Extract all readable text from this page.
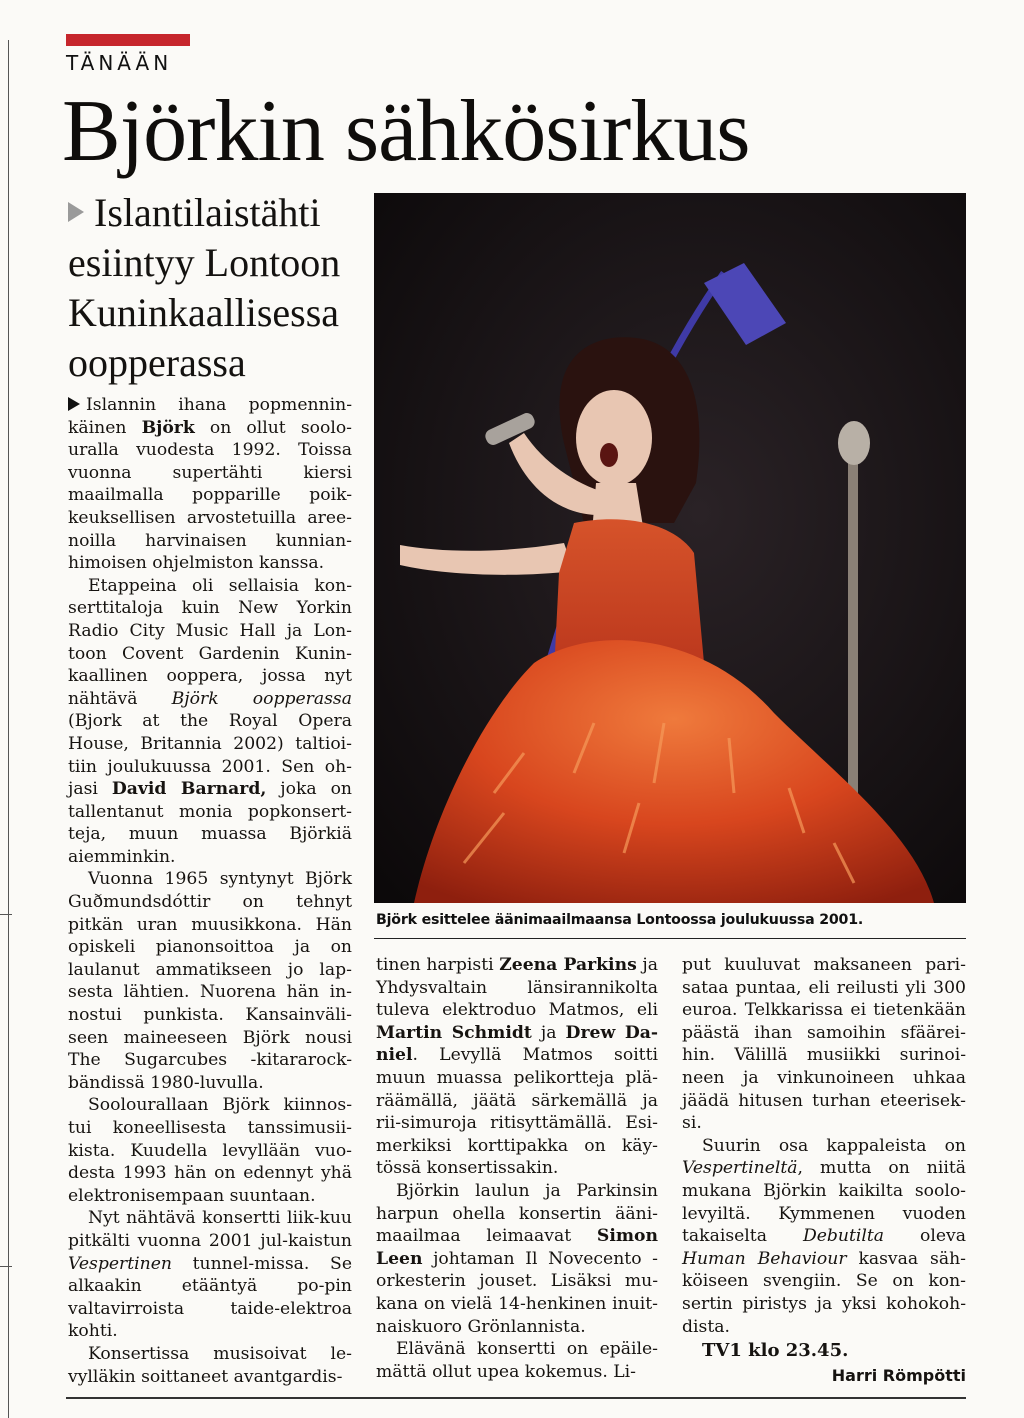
TÄNÄÄN
Björkin sähkösirkus
Islantilaistähti esiintyy Lontoon Kuninkaallisessa oopperassa

Islannin ihana popmennin-käinen Björk on ollut soolo-uralla vuodesta 1992. Toissa vuonna supertähti kiersi maailmalla popparille poik-keuksellisen arvostetuilla aree-noilla harvinaisen kunnian-himoisen ohjelmiston kanssa.

Etappeina oli sellaisia kon-serttitaloja kuin New Yorkin Radio City Music Hall ja Lon-toon Covent Gardenin Kunin-kaallinen ooppera, jossa nyt nähtävä Björk oopperassa (Bjork at the Royal Opera House, Britannia 2002) taltioi-tiin joulukuussa 2001. Sen oh-jasi David Barnard, joka on tallentanut monia popkonsert-teja, muun muassa Björkiä aiemminkin.

Vuonna 1965 syntynyt Björk Guðmundsdóttir on tehnyt pitkän uran muusikkona. Hän opiskeli pianonsoittoa ja on laulanut ammatikseen jo lap-sesta lähtien. Nuorena hän in-nostui punkista. Kansainväli-seen maineeseen Björk nousi The Sugarcubes -kitararock-bändissä 1980-luvulla.

Soolourallaan Björk kiinnos-tui koneellisesta tanssimusii-kista. Kuudella levyllään vuo-desta 1993 hän on edennyt yhä elektronisempaan suuntaan.

Nyt nähtävä konsertti liik-kuu pitkälti vuonna 2001 jul-kaistun Vespertinen tunnel-missa. Se alkaakin etääntyä po-pin valtavirroista taide-elektroa kohti.

Konsertissa musisoivat le-vylläkin soittaneet avantgardis-

Björk esittelee äänimaailmaansa Lontoossa joulukuussa 2001.

tinen harpisti Zeena Parkins ja Yhdysvaltain länsirannikolta tuleva elektroduo Matmos, eli Martin Schmidt ja Drew Da-niel. Levyllä Matmos soitti muun muassa pelikortteja plä-räämällä, jäätä särkemällä ja rii-simuroja ritisyttämällä. Esi-merkiksi korttipakka on käy-tössä konsertissakin.

Björkin laulun ja Parkinsin harpun ohella konsertin ääni-maailmaa leimaavat Simon Leen johtaman Il Novecento -orkesterin jouset. Lisäksi mu-kana on vielä 14-henkinen inuit-naiskuoro Grönlannista.

Elävänä konsertti on epäile-mättä ollut upea kokemus. Li-

put kuuluvat maksaneen pari-sataa puntaa, eli reilusti yli 300 euroa. Telkkarissa ei tietenkään päästä ihan samoihin sfäärei-hin. Välillä musiikki surinoi-neen ja vinkunoineen uhkaa jäädä hitusen turhan eteerisek-si.

Suurin osa kappaleista on Vespertineltä, mutta on niitä mukana Björkin kaikilta soolo-levyiltä. Kymmenen vuoden takaiselta Debutilta oleva Human Behaviour kasvaa säh-köiseen svengiin. Se on kon-sertin piristys ja yksi kohokoh-dista.

TV1 klo 23.45.
Harri Römpötti
